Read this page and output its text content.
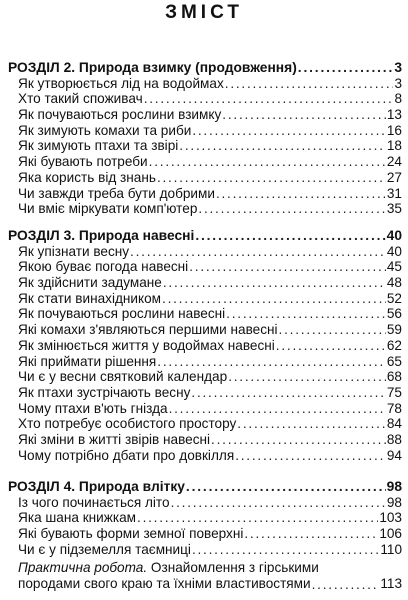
ЗМІСТ
РОЗДІЛ 2. Природа взимку (продовження) . . .	3
Як утворюється лід на водоймах . . .	3
Хто такий споживач . . .	8
Як почуваються рослини взимку . . .	13
Як зимують комахи та риби . . .	16
Як зимують птахи та звірі . . .	18
Які бувають потреби . . .	24
Яка користь від знань . . .	27
Чи завжди треба бути добрими . . .	31
Чи вміє міркувати комп'ютер . . .	35
РОЗДІЛ 3. Природа навесні . . .	40
Як упізнати весну . . .	40
Якою буває погода навесні . . .	45
Як здійснити задумане . . .	48
Як стати винахідником . . .	52
Як почуваються рослини навесні . . .	56
Які комахи з'являються першими навесні . . .	59
Як змінюється життя у водоймах навесні . . .	62
Які приймати рішення . . .	65
Чи є у весни святковий календар . . .	68
Як птахи зустрічають весну . . .	75
Чому птахи в'ють гнізда . . .	78
Хто потребує особистого простору . . .	84
Які зміни в житті звірів навесні . . .	88
Чому потрібно дбати про довкілля . . .	94
РОЗДІЛ 4. Природа влітку . . .	98
Із чого починається літо . . .	98
Яка шана книжкам . . .	103
Які бувають форми земної поверхні . . .	106
Чи є у підземелля таємниці . . .	110
Практична робота. Ознайомлення з гірськими
породами свого краю та їхніми властивостями . . .	113
